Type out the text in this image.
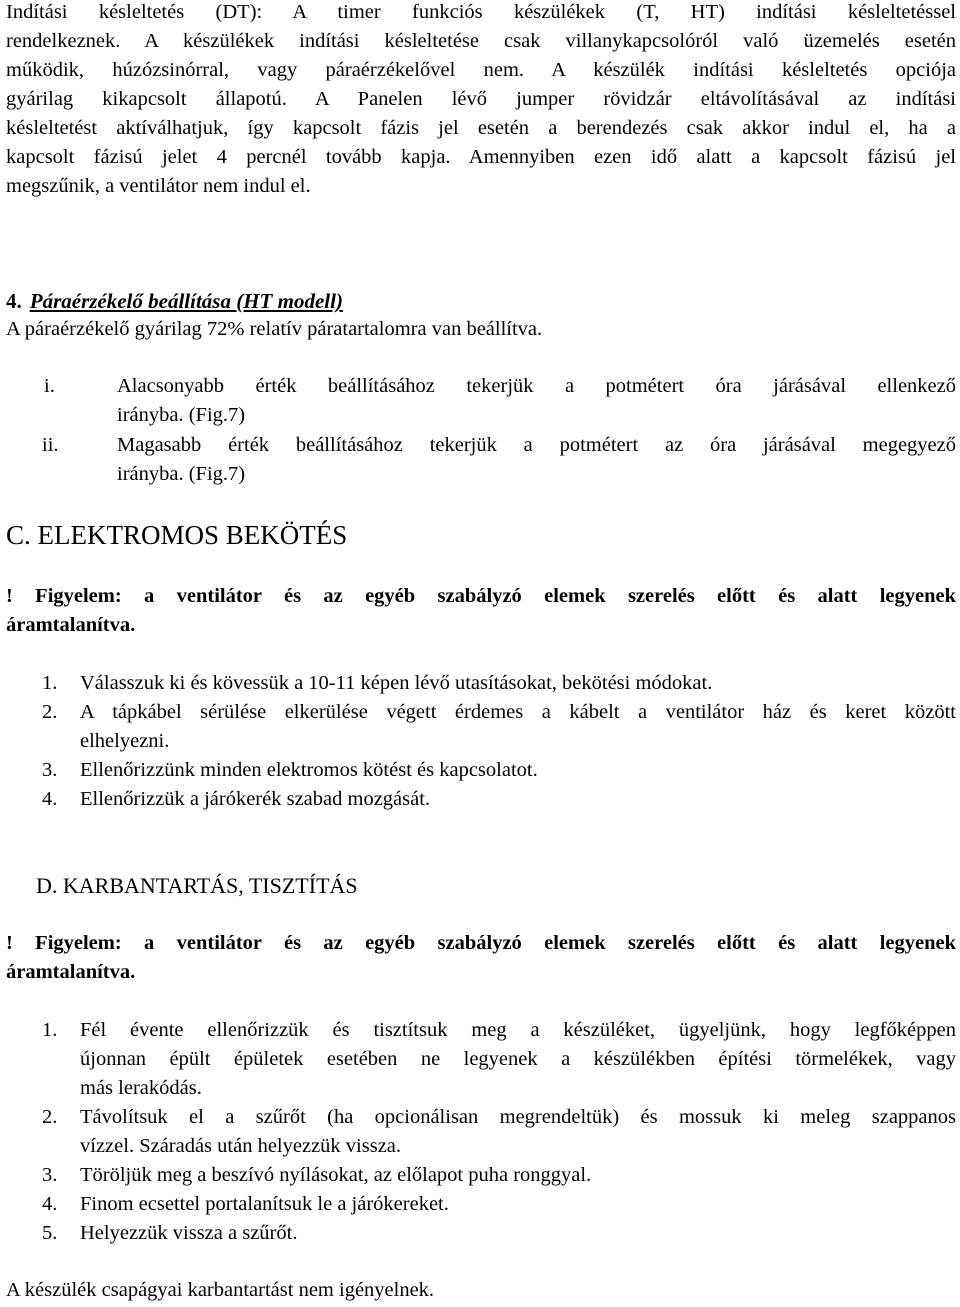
Indítási késleltetés (DT): A timer funkciós készülékek (T, HT) indítási késleltetéssel
rendelkeznek. A készülékek indítási késleltetése csak villanykapcsolóról való üzemelés esetén
működik, húzózsinórral, vagy páraérzékelővel nem. A készülék indítási késleltetés opciója
gyárilag kikapcsolt állapotú. A Panelen lévő jumper rövidzár eltávolításával az indítási
késleltetést aktíválhatjuk, így kapcsolt fázis jel esetén a berendezés csak akkor indul el, ha a
kapcsolt fázisú jelet 4 percnél tovább kapja. Amennyiben ezen idő alatt a kapcsolt fázisú jel
megszűnik, a ventilátor nem indul el.
4. Páraérzékelő beállítása (HT modell)
A páraérzékelő gyárilag 72% relatív páratartalomra van beállítva.
i.	Alacsonyabb érték beállításához tekerjük a potmétert óra járásával ellenkező
irányba. (Fig.7)
ii.	Magasabb érték beállításához tekerjük a potmétert az óra járásával megegyező
irányba. (Fig.7)
C. ELEKTROMOS BEKÖTÉS
! Figyelem: a ventilátor és az egyéb szabályzó elemek szerelés előtt és alatt legyenek
áramtalanítva.
1. Válasszuk ki és kövessük a 10-11 képen lévő utasításokat, bekötési módokat.
2. A tápkábel sérülése elkerülése végett érdemes a kábelt a ventilátor ház és keret között
elhelyezni.
3. Ellenőrizzünk minden elektromos kötést és kapcsolatot.
4. Ellenőrizzük a járókerék szabad mozgását.
D. KARBANTARTÁS, TISZTÍTÁS
! Figyelem: a ventilátor és az egyéb szabályzó elemek szerelés előtt és alatt legyenek
áramtalanítva.
1. Fél évente ellenőrizzük és tisztítsuk meg a készüléket, ügyeljünk, hogy legfőképpen
újonnan épült épületek esetében ne legyenek a készülékben építési törmelékek, vagy
más lerakódás.
2. Távolítsuk el a szűrőt (ha opcionálisan megrendeltük) és mossuk ki meleg szappanos
vízzel. Száradás után helyezzük vissza.
3. Töröljük meg a beszívó nyílásokat, az előlapot puha ronggyal.
4. Finom ecsettel portalanítsuk le a járókereket.
5. Helyezzük vissza a szűrőt.
A készülék csapágyai karbantartást nem igényelnek.
